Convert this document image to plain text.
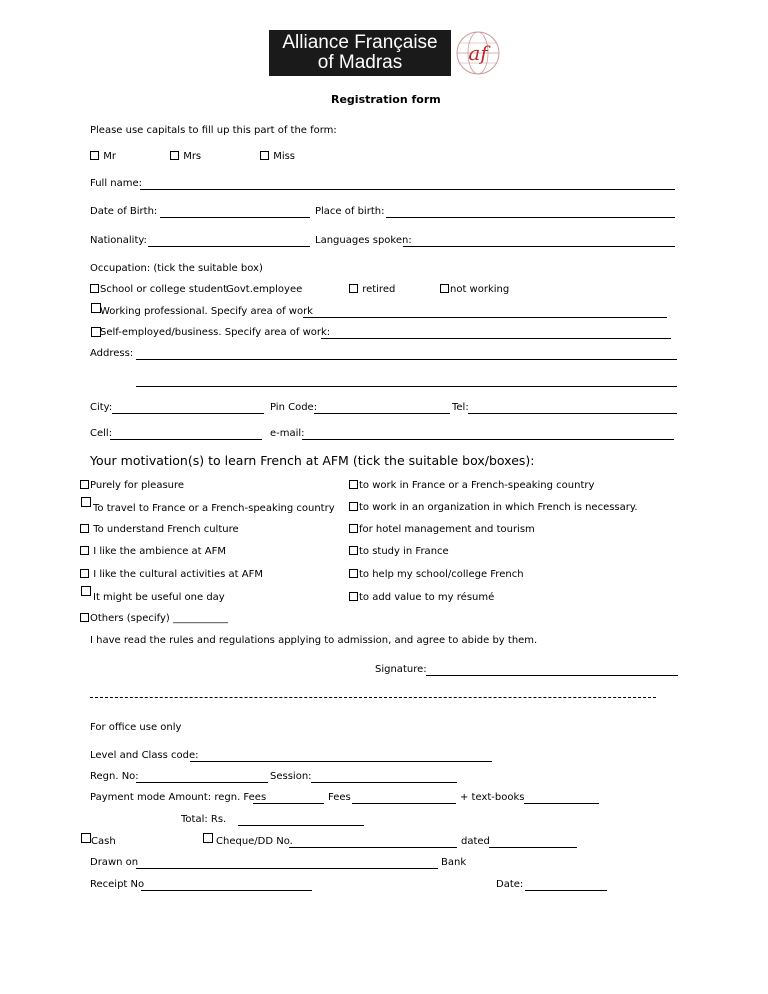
Alliance Française
of Madras	af
Registration form
Please use capitals to fill up this part of the form:
Mr	Mrs	Miss
Full name:
Date of Birth:	Place of birth:
Nationality:	Languages spoken:
Occupation: (tick the suitable box)
School or college student
Govt.employee	retired	not working
Working professional. Specify area of work
Self-employed/business. Specify area of work:
Address:
City:	Pin Code:	Tel:
Cell:	e-mail:
Your motivation(s) to learn French at AFM (tick the suitable box/boxes):
Purely for pleasure
To travel to France or a French-speaking country
To understand French culture
I like the ambience at AFM
I like the cultural activities at AFM
It might be useful one day
Others (specify) ___________
to work in France or a French-speaking country
to work in an organization in which French is necessary.
for hotel management and tourism
to study in France
to help my school/college French
to add value to my résumé
I have read the rules and regulations applying to admission, and agree to abide by them.
Signature:
For office use only
Level and Class code:
Regn. No:	Session:
Payment mode Amount: regn. Fees	Fees	+ text-books
Total: Rs.
Cash	Cheque/DD No.	dated
Drawn on	Bank
Receipt No	Date:
